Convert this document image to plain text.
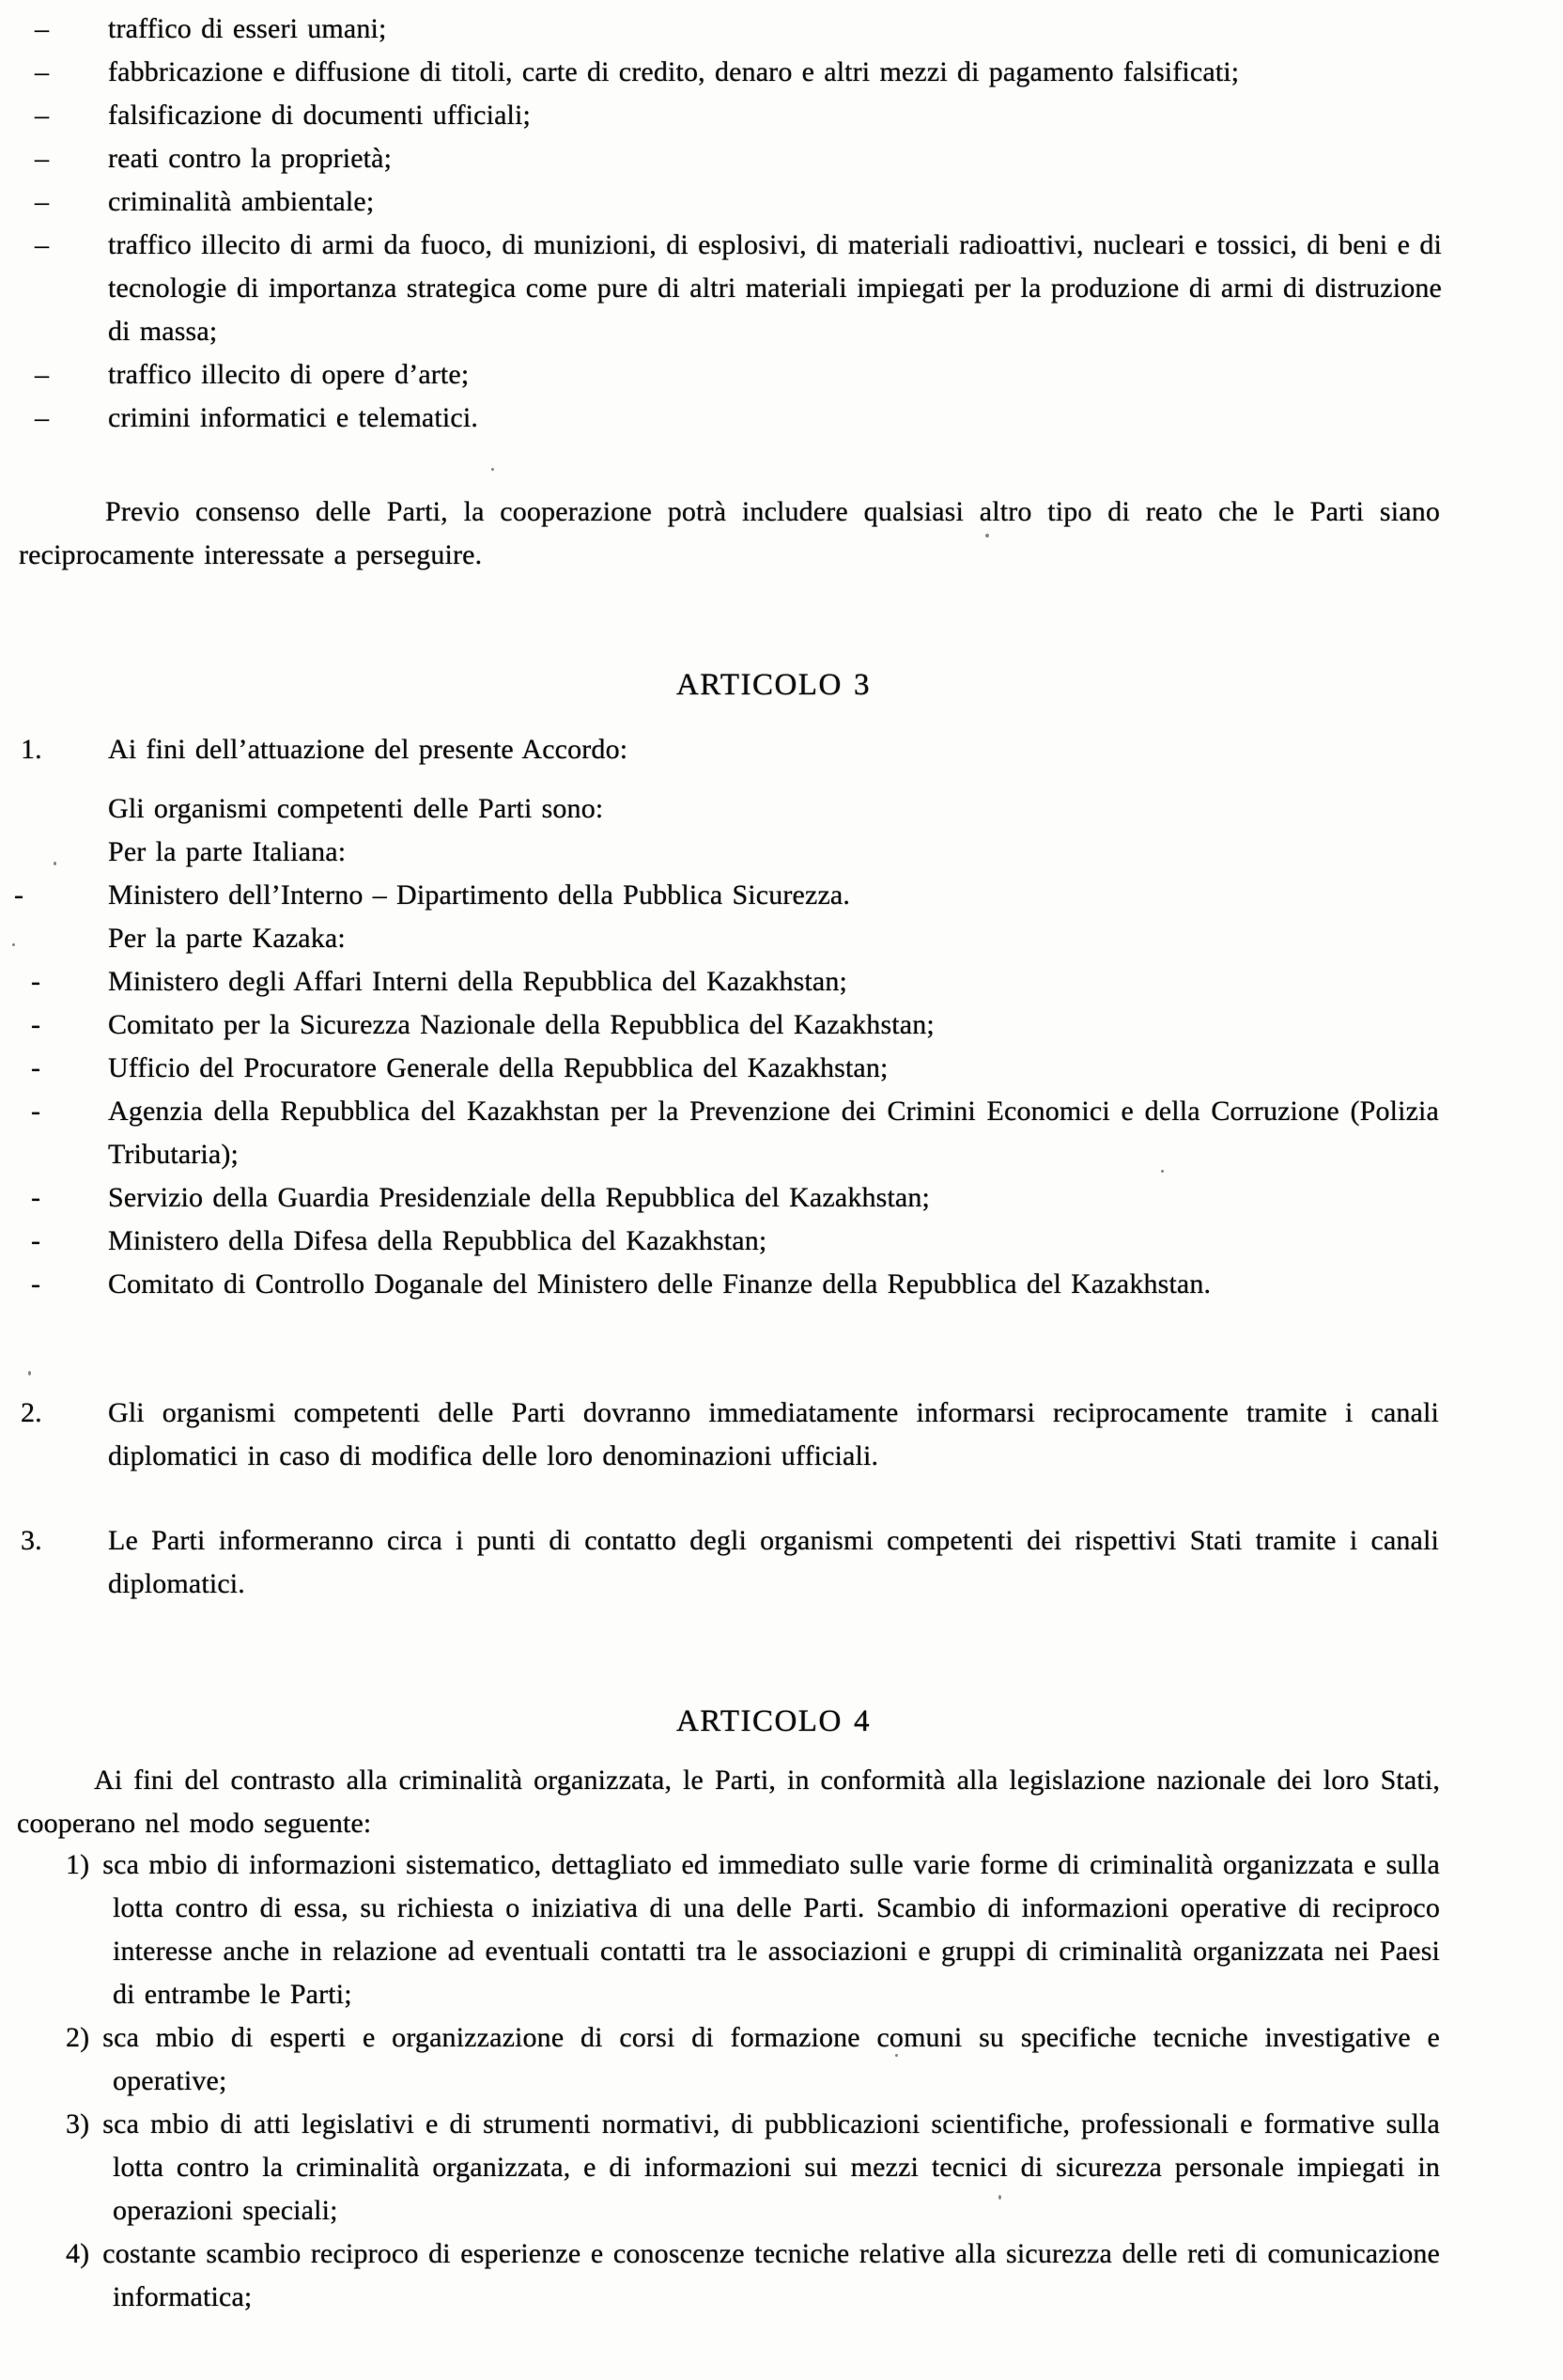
– traffico di esseri umani;
– fabbricazione e diffusione di titoli, carte di credito, denaro e altri mezzi di pagamento falsificati;
– falsificazione di documenti ufficiali;
– reati contro la proprietà;
– criminalità ambientale;
– traffico illecito di armi da fuoco, di munizioni, di esplosivi, di materiali radioattivi, nucleari e tossici, di beni e di tecnologie di importanza strategica come pure di altri materiali impiegati per la produzione di armi di distruzione di massa;
– traffico illecito di opere d’arte;
– crimini informatici e telematici.
Previo consenso delle Parti, la cooperazione potrà includere qualsiasi altro tipo di reato che le Parti siano reciprocamente interessate a perseguire.
ARTICOLO 3
1. Ai fini dell’attuazione del presente Accordo:
Gli organismi competenti delle Parti sono:
Per la parte Italiana:
-	Ministero dell’Interno – Dipartimento della Pubblica Sicurezza.
Per la parte Kazaka:
- Ministero degli Affari Interni della Repubblica del Kazakhstan;
- Comitato per la Sicurezza Nazionale della Repubblica del Kazakhstan;
- Ufficio del Procuratore Generale della Repubblica del Kazakhstan;
- Agenzia della Repubblica del Kazakhstan per la Prevenzione dei Crimini Economici e della Corruzione (Polizia Tributaria);
- Servizio della Guardia Presidenziale della Repubblica del Kazakhstan;
- Ministero della Difesa della Repubblica del Kazakhstan;
- Comitato di Controllo Doganale del Ministero delle Finanze della Repubblica del Kazakhstan.
2. Gli organismi competenti delle Parti dovranno immediatamente informarsi reciprocamente tramite i canali diplomatici in caso di modifica delle loro denominazioni ufficiali.
3. Le Parti informeranno circa i punti di contatto degli organismi competenti dei rispettivi Stati tramite i canali diplomatici.
ARTICOLO 4
Ai fini del contrasto alla criminalità organizzata, le Parti, in conformità alla legislazione nazionale dei loro Stati, cooperano nel modo seguente:
1) sca mbio di informazioni sistematico, dettagliato ed immediato sulle varie forme di criminalità organizzata e sulla lotta contro di essa, su richiesta o iniziativa di una delle Parti. Scambio di informazioni operative di reciproco interesse anche in relazione ad eventuali contatti tra le associazioni e gruppi di criminalità organizzata nei Paesi di entrambe le Parti;
2) sca mbio di esperti e organizzazione di corsi di formazione comuni su specifiche tecniche investigative e operative;
3) sca mbio di atti legislativi e di strumenti normativi, di pubblicazioni scientifiche, professionali e formative sulla lotta contro la criminalità organizzata, e di informazioni sui mezzi tecnici di sicurezza personale impiegati in operazioni speciali;
4) costante scambio reciproco di esperienze e conoscenze tecniche relative alla sicurezza delle reti di comunicazione informatica;
